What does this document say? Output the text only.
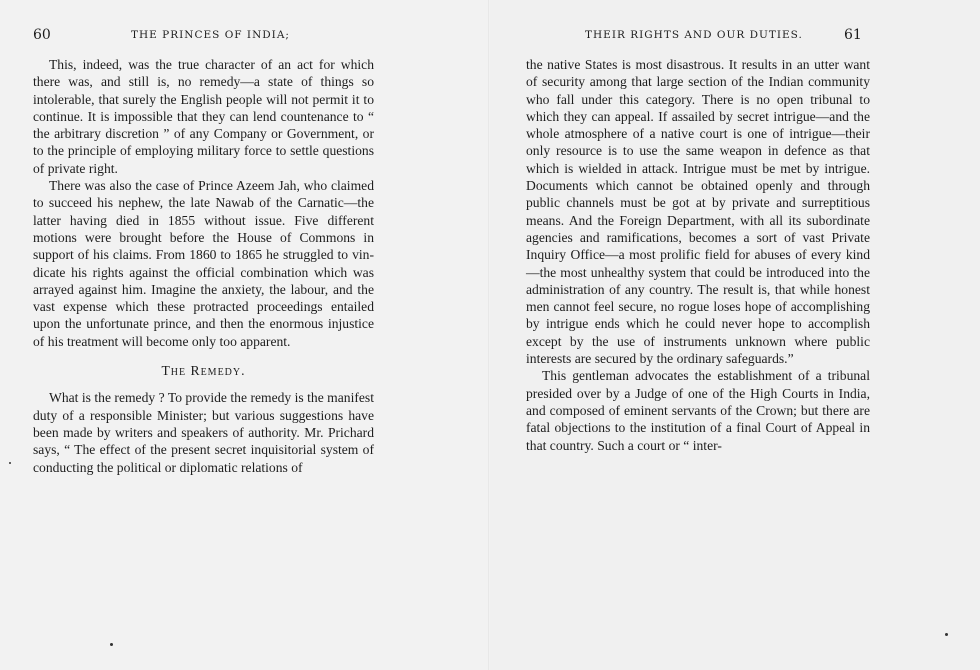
60	THE PRINCES OF INDIA;

This, indeed, was the true character of an act for which there was, and still is, no remedy—a state of things so intolerable, that surely the English people will not permit it to continue. It is impossible that they can lend countenance to “ the arbitrary discretion ” of any Company or Government, or to the principle of employing military force to settle questions of private right.

There was also the case of Prince Azeem Jah, who claimed to succeed his nephew, the late Nawab of the Carnatic—the latter having died in 1855 without issue. Five different motions were brought before the House of Commons in support of his claims. From 1860 to 1865 he struggled to vindicate his rights against the official combination which was arrayed against him. Imagine the anxiety, the labour, and the vast expense which these protracted proceedings entailed upon the unfortunate prince, and then the enormous injustice of his treatment will become only too apparent.

The Remedy.

What is the remedy ? To provide the remedy is the manifest duty of a responsible Minister; but various suggestions have been made by writers and speakers of authority. Mr. Prichard says, “ The effect of the present secret inquisitorial system of conducting the political or diplomatic relations of

THEIR RIGHTS AND OUR DUTIES.	61

the native States is most disastrous. It results in an utter want of security among that large section of the Indian community who fall under this category. There is no open tribunal to which they can appeal. If assailed by secret intrigue—and the whole atmosphere of a native court is one of intrigue—their only resource is to use the same weapon in defence as that which is wielded in attack. Intrigue must be met by intrigue. Documents which cannot be obtained openly and through public channels must be got at by private and surreptitious means. And the Foreign Department, with all its subordinate agencies and ramifications, becomes a sort of vast Private Inquiry Office—a most prolific field for abuses of every kind—the most unhealthy system that could be introduced into the administration of any country. The result is, that while honest men cannot feel secure, no rogue loses hope of accomplishing by intrigue ends which he could never hope to accomplish except by the use of instruments unknown where public interests are secured by the ordinary safeguards.”

This gentleman advocates the establishment of a tribunal presided over by a Judge of one of the High Courts in India, and composed of eminent servants of the Crown; but there are fatal objections to the institution of a final Court of Appeal in that country. Such a court or “ inter-
